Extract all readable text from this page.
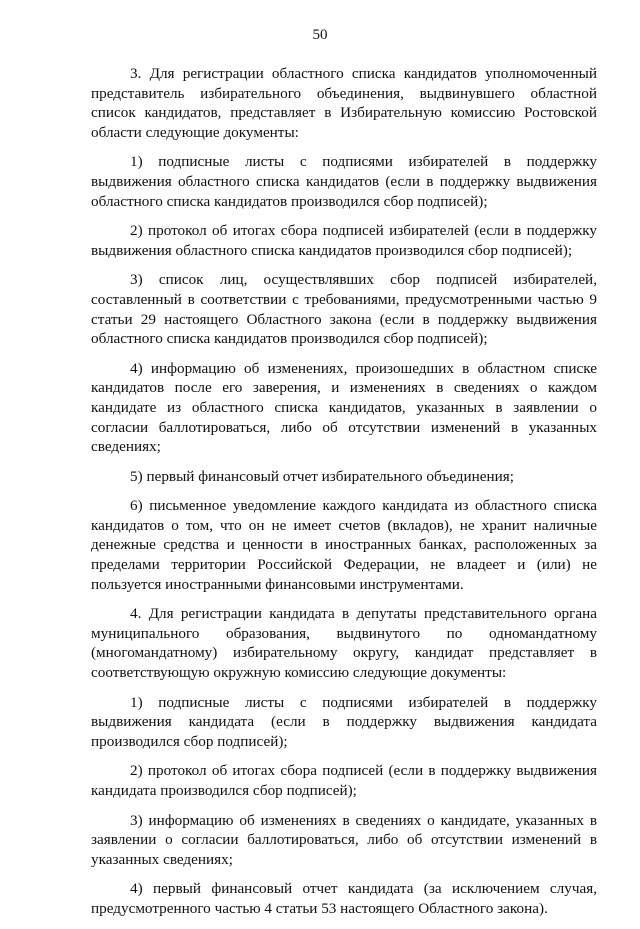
50

3. Для регистрации областного списка кандидатов уполномоченный представитель избирательного объединения, выдвинувшего областной список кандидатов, представляет в Избирательную комиссию Ростовской области следующие документы:

1) подписные листы с подписями избирателей в поддержку выдвижения областного списка кандидатов (если в поддержку выдвижения областного списка кандидатов производился сбор подписей);

2) протокол об итогах сбора подписей избирателей (если в поддержку выдвижения областного списка кандидатов производился сбор подписей);

3) список лиц, осуществлявших сбор подписей избирателей, составленный в соответствии с требованиями, предусмотренными частью 9 статьи 29 настоящего Областного закона (если в поддержку выдвижения областного списка кандидатов производился сбор подписей);

4) информацию об изменениях, произошедших в областном списке кандидатов после его заверения, и изменениях в сведениях о каждом кандидате из областного списка кандидатов, указанных в заявлении о согласии баллотироваться, либо об отсутствии изменений в указанных сведениях;

5) первый финансовый отчет избирательного объединения;

6) письменное уведомление каждого кандидата из областного списка кандидатов о том, что он не имеет счетов (вкладов), не хранит наличные денежные средства и ценности в иностранных банках, расположенных за пределами территории Российской Федерации, не владеет и (или) не пользуется иностранными финансовыми инструментами.

4. Для регистрации кандидата в депутаты представительного органа муниципального образования, выдвинутого по одномандатному (многомандатному) избирательному округу, кандидат представляет в соответствующую окружную комиссию следующие документы:

1) подписные листы с подписями избирателей в поддержку выдвижения кандидата (если в поддержку выдвижения кандидата производился сбор подписей);

2) протокол об итогах сбора подписей (если в поддержку выдвижения кандидата производился сбор подписей);

3) информацию об изменениях в сведениях о кандидате, указанных в заявлении о согласии баллотироваться, либо об отсутствии изменений в указанных сведениях;

4) первый финансовый отчет кандидата (за исключением случая, предусмотренного частью 4 статьи 53 настоящего Областного закона).
